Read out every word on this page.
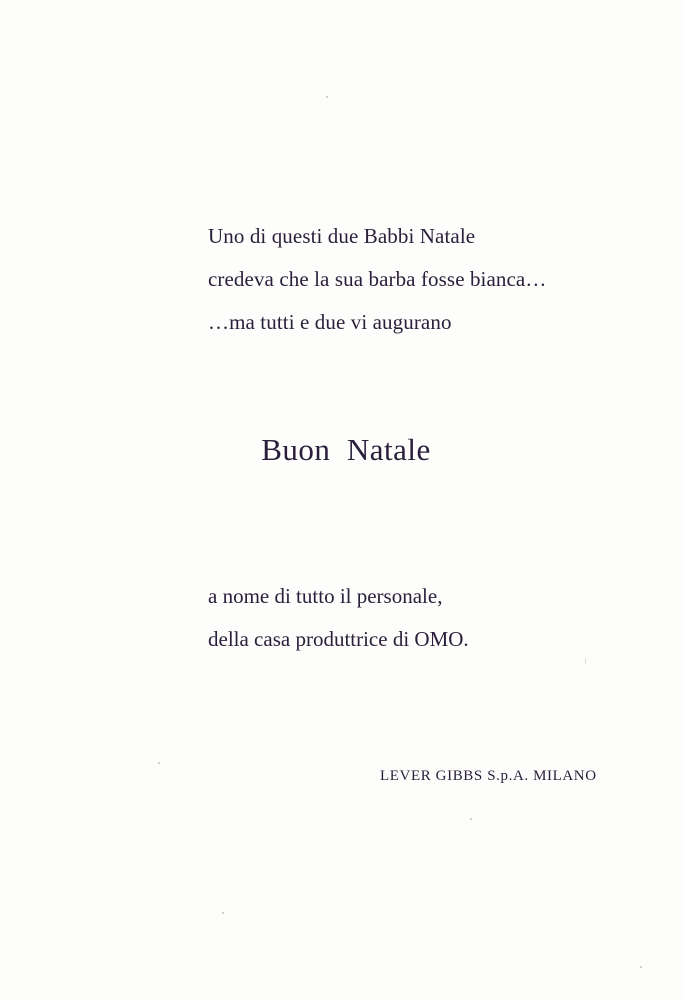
Uno di questi due Babbi Natale
credeva che la sua barba fosse bianca…
…ma tutti e due vi augurano
Buon  Natale
a nome di tutto il personale,
della casa produttrice di OMO.
LEVER GIBBS S.p.A. MILANO
